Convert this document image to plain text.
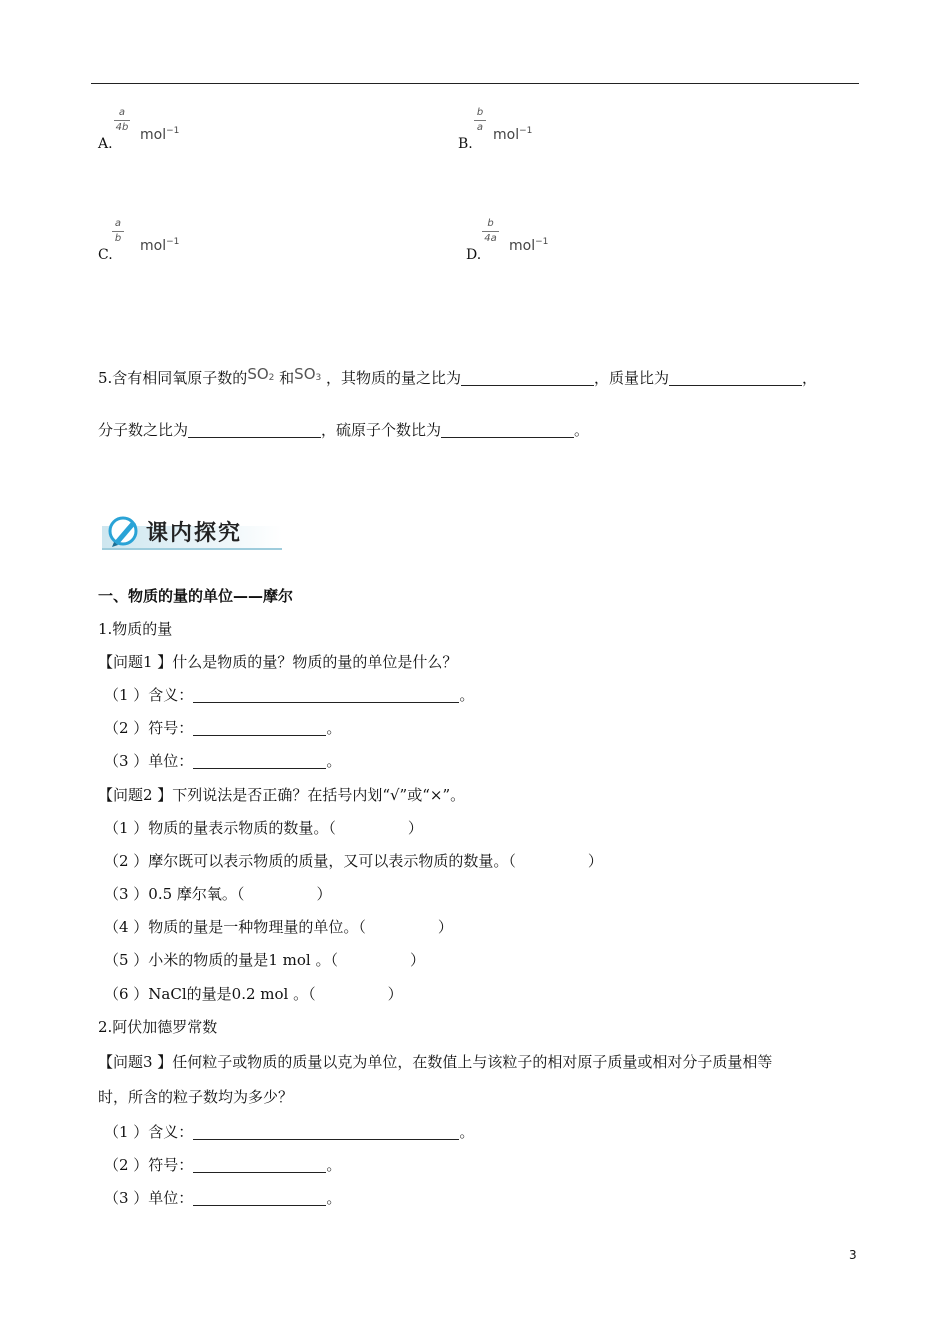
A.
a
4b mol$^{-1}$
B.
b
a mol$^{-1}$
C.
a
b mol$^{-1}$
D.
b
4a mol$^{-1}$
5.含有相同氧原子数的$SO_2$ 和$SO_3$ ，其物质的量之比为	，质量比为	，
分子数之比为	，硫原子个数比为	。
课内探究
一、物质的量的单位——摩尔
1.物质的量
【问题1 】什么是物质的量？物质的量的单位是什么？
（1 ）含义：	。
（2 ）符号：	。
（3 ）单位：	。
【问题2 】下列说法是否正确？在括号内划“√”或“×”。
（1 ）物质的量表示物质的数量。（	）
（2 ）摩尔既可以表示物质的质量，又可以表示物质的数量。（	）
（3 ）0.5 摩尔氧。（	）
（4 ）物质的量是一种物理量的单位。（	）
（5 ）小米的物质的量是1 mol 。（	）
（6 ）NaCl的量是0.2 mol 。（	）
2.阿伏加德罗常数
【问题3 】任何粒子或物质的质量以克为单位，在数值上与该粒子的相对原子质量或相对分子质量相等
时，所含的粒子数均为多少？
（1 ）含义：	。
（2 ）符号：	。
（3 ）单位：	。
3
